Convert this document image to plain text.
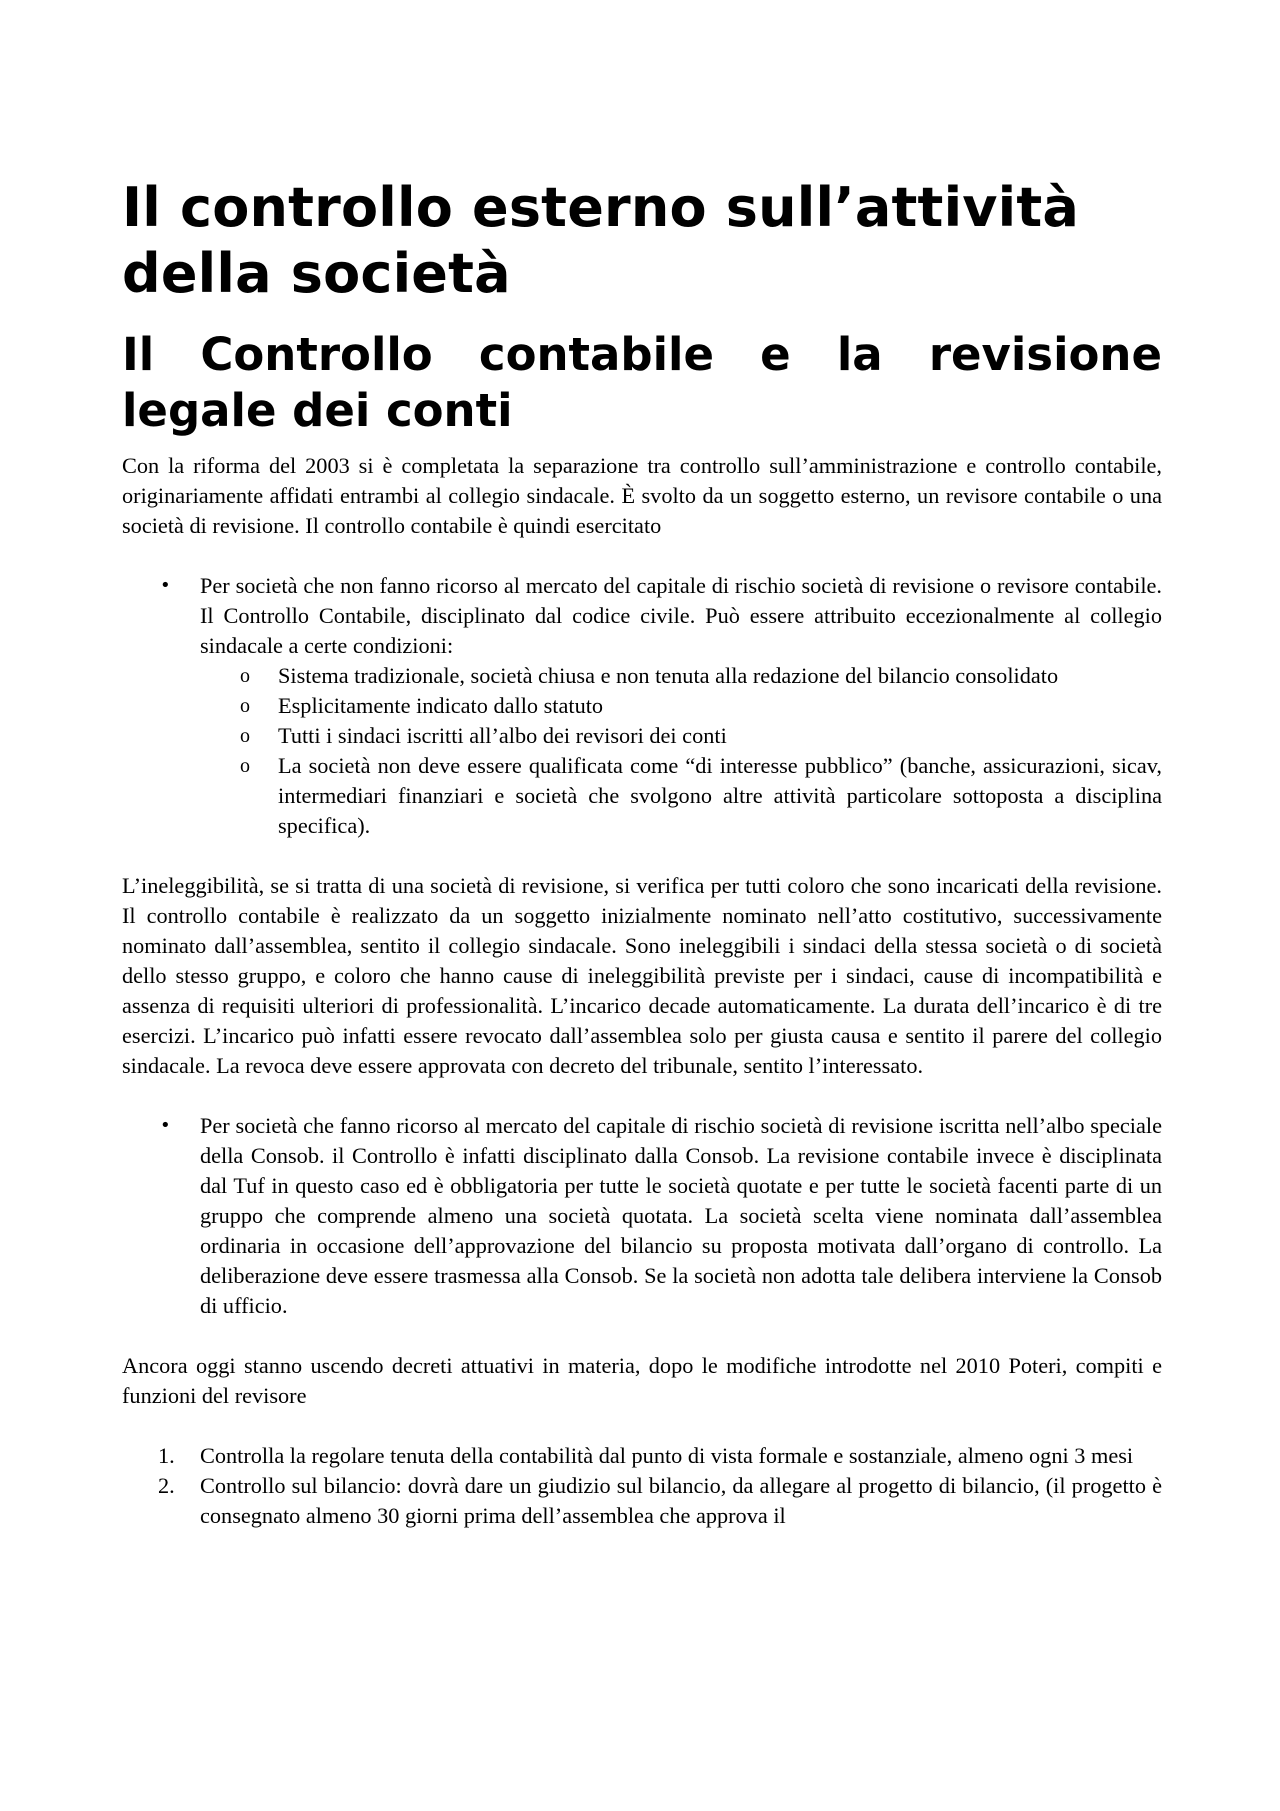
Il controllo esterno sull’attività della società
Il Controllo contabile e la revisione legale dei conti

Con la riforma del 2003 si è completata la separazione tra controllo sull’amministrazione e controllo contabile, originariamente affidati entrambi al collegio sindacale. È svolto da un soggetto esterno, un revisore contabile o una società di revisione. Il controllo contabile è quindi esercitato

• Per società che non fanno ricorso al mercato del capitale di rischio società di revisione o revisore contabile. Il Controllo Contabile, disciplinato dal codice civile. Può essere attribuito eccezionalmente al collegio sindacale a certe condizioni:
o Sistema tradizionale, società chiusa e non tenuta alla redazione del bilancio consolidato
o Esplicitamente indicato dallo statuto
o Tutti i sindaci iscritti all’albo dei revisori dei conti
o La società non deve essere qualificata come “di interesse pubblico” (banche, assicurazioni, sicav, intermediari finanziari e società che svolgono altre attività particolare sottoposta a disciplina specifica).

L’ineleggibilità, se si tratta di una società di revisione, si verifica per tutti coloro che sono incaricati della revisione. Il controllo contabile è realizzato da un soggetto inizialmente nominato nell’atto costitutivo, successivamente nominato dall’assemblea, sentito il collegio sindacale. Sono ineleggibili i sindaci della stessa società o di società dello stesso gruppo, e coloro che hanno cause di ineleggibilità previste per i sindaci, cause di incompatibilità e assenza di requisiti ulteriori di professionalità. L’incarico decade automaticamente. La durata dell’incarico è di tre esercizi. L’incarico può infatti essere revocato dall’assemblea solo per giusta causa e sentito il parere del collegio sindacale. La revoca deve essere approvata con decreto del tribunale, sentito l’interessato.

• Per società che fanno ricorso al mercato del capitale di rischio società di revisione iscritta nell’albo speciale della Consob. il Controllo è infatti disciplinato dalla Consob. La revisione contabile invece è disciplinata dal Tuf in questo caso ed è obbligatoria per tutte le società quotate e per tutte le società facenti parte di un gruppo che comprende almeno una società quotata. La società scelta viene nominata dall’assemblea ordinaria in occasione dell’approvazione del bilancio su proposta motivata dall’organo di controllo. La deliberazione deve essere trasmessa alla Consob. Se la società non adotta tale delibera interviene la Consob di ufficio.

Ancora oggi stanno uscendo decreti attuativi in materia, dopo le modifiche introdotte nel 2010 Poteri, compiti e funzioni del revisore

1. Controlla la regolare tenuta della contabilità dal punto di vista formale e sostanziale, almeno ogni 3 mesi
2. Controllo sul bilancio: dovrà dare un giudizio sul bilancio, da allegare al progetto di bilancio, (il progetto è consegnato almeno 30 giorni prima dell’assemblea che approva il
